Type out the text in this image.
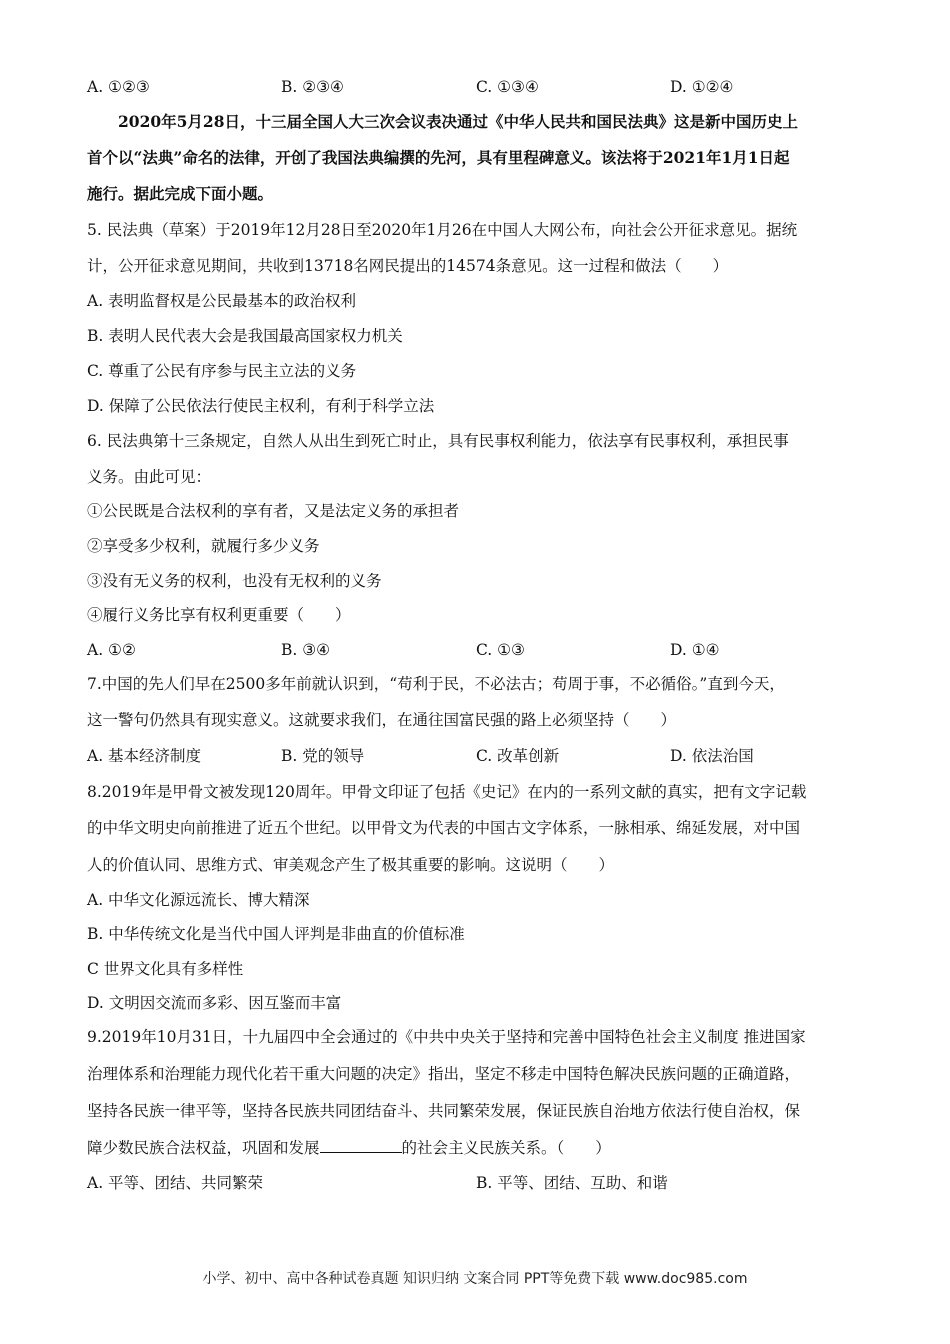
A. ①②③	B. ②③④	C. ①③④	D. ①②④
2020年5月28日，十三届全国人大三次会议表决通过《中华人民共和国民法典》这是新中国历史上
首个以“法典”命名的法律，开创了我国法典编撰的先河，具有里程碑意义。该法将于2021年1月1日起
施行。据此完成下面小题。
5. 民法典（草案）于2019年12月28日至2020年1月26在中国人大网公布，向社会公开征求意见。据统
计，公开征求意见期间，共收到13718名网民提出的14574条意见。这一过程和做法（　　）
A. 表明监督权是公民最基本的政治权利
B. 表明人民代表大会是我国最高国家权力机关
C. 尊重了公民有序参与民主立法的义务
D. 保障了公民依法行使民主权利，有利于科学立法
6. 民法典第十三条规定，自然人从出生到死亡时止，具有民事权利能力，依法享有民事权利，承担民事
义务。由此可见：
①公民既是合法权利的享有者，又是法定义务的承担者
②享受多少权利，就履行多少义务
③没有无义务的权利，也没有无权利的义务
④履行义务比享有权利更重要（　　）
A. ①②	B. ③④	C. ①③	D. ①④
7.中国的先人们早在2500多年前就认识到，“苟利于民，不必法古；苟周于事，不必循俗。”直到今天，
这一警句仍然具有现实意义。这就要求我们，在通往国富民强的路上必须坚持（　　）
A. 基本经济制度	B. 党的领导	C. 改革创新	D. 依法治国
8.2019年是甲骨文被发现120周年。甲骨文印证了包括《史记》在内的一系列文献的真实，把有文字记载
的中华文明史向前推进了近五个世纪。以甲骨文为代表的中国古文字体系，一脉相承、绵延发展，对中国
人的价值认同、思维方式、审美观念产生了极其重要的影响。这说明（　　）
A. 中华文化源远流长、博大精深
B. 中华传统文化是当代中国人评判是非曲直的价值标准
C 世界文化具有多样性
D. 文明因交流而多彩、因互鉴而丰富
9.2019年10月31日，十九届四中全会通过的《中共中央关于坚持和完善中国特色社会主义制度 推进国家
治理体系和治理能力现代化若干重大问题的决定》指出，坚定不移走中国特色解决民族问题的正确道路，
坚持各民族一律平等，坚持各民族共同团结奋斗、共同繁荣发展，保证民族自治地方依法行使自治权，保
障少数民族合法权益，巩固和发展	的社会主义民族关系。（　　）
A. 平等、团结、共同繁荣	B. 平等、团结、互助、和谐
小学、初中、高中各种试卷真题 知识归纳 文案合同 PPT等免费下载 www.doc985.com
